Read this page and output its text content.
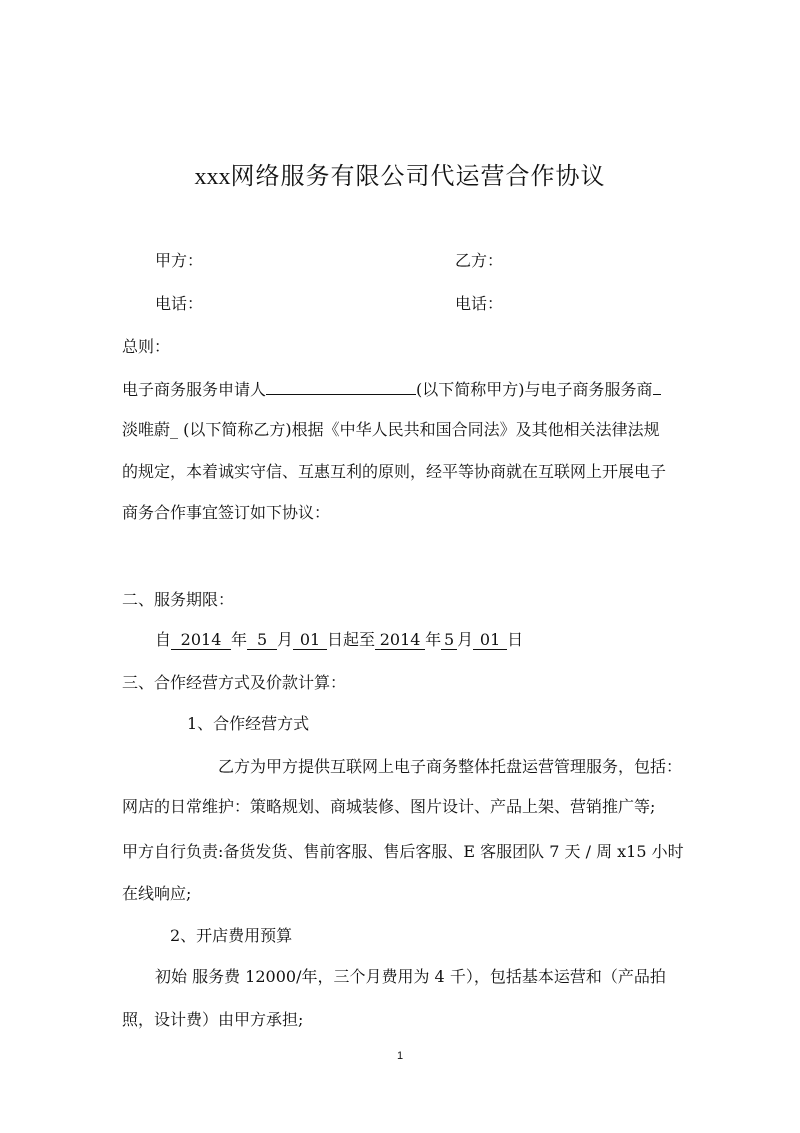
xxx网络服务有限公司代运营合作协议
甲方：	乙方：
电话：	电话：
总则：
电子商务服务申请人	(以下简称甲方)与电子商务服务商
淡唯蔚_ (以下简称乙方)根据《中华人民共和国合同法》及其他相关法律法规
的规定，本着诚实守信、互惠互利的原则，经平等协商就在互联网上开展电子
商务合作事宜签订如下协议：
二、服务期限：
自 2014 年 5 月 01 日起至 2014 年 5 月 01 日
三、合作经营方式及价款计算：
1、合作经营方式
乙方为甲方提供互联网上电子商务整体托盘运营管理服务，包括：
网店的日常维护：策略规划、商城装修、图片设计、产品上架、营销推广等;
甲方自行负责:备货发货、售前客服、售后客服、E 客服团队 7 天 / 周 x15 小时
在线响应;
2、开店费用预算
初始 服务费 12000/年，三个月费用为 4 千），包括基本运营和（产品拍
照，设计费）由甲方承担;
1
